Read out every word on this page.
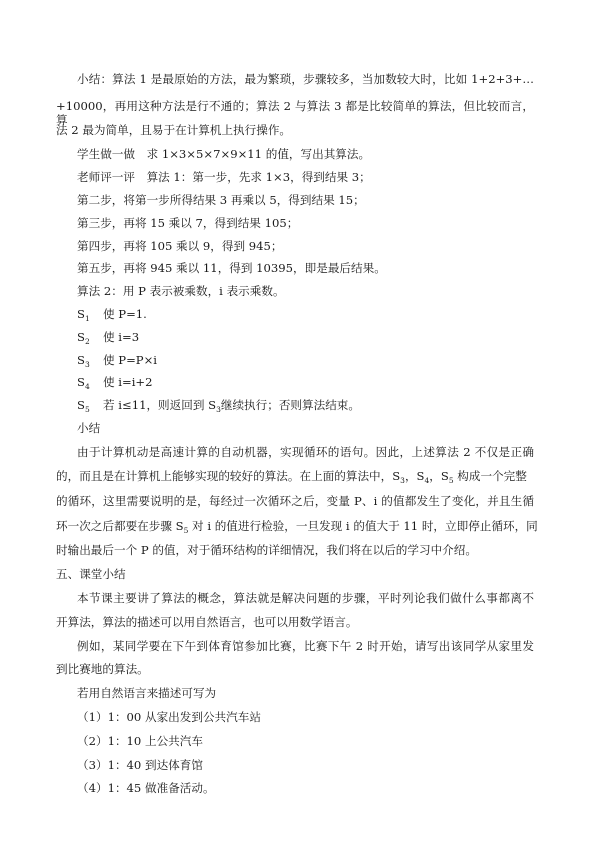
小结：算法 1 是最原始的方法，最为繁琐，步骤较多，当加数较大时，比如 1+2+3+…
+10000，再用这种方法是行不通的；算法 2 与算法 3 都是比较简单的算法，但比较而言，算
法 2 最为简单，且易于在计算机上执行操作。
学生做一做　求 1×3×5×7×9×11 的值，写出其算法。
老师评一评　算法 1：第一步，先求 1×3，得到结果 3；
第二步，将第一步所得结果 3 再乘以 5，得到结果 15；
第三步，再将 15 乘以 7，得到结果 105；
第四步，再将 105 乘以 9，得到 945；
第五步，再将 945 乘以 11，得到 10395，即是最后结果。
算法 2：用 P 表示被乘数，i 表示乘数。
$S_1$ 使 P=1.
$S_2$ 使 i=3
$S_3$ 使 P=P×i
$S_4$ 使 i=i+2
$S_5$ 若 i≤11，则返回到 $S_3$继续执行；否则算法结束。
小结
由于计算机动是高速计算的自动机器，实现循环的语句。因此，上述算法 2 不仅是正确
的，而且是在计算机上能够实现的较好的算法。在上面的算法中，$S_3$，$S_4$，$S_5$ 构成一个完整
的循环，这里需要说明的是，每经过一次循环之后，变量 P、i 的值都发生了变化，并且生循
环一次之后都要在步骤 $S_5$ 对 i 的值进行检验，一旦发现 i 的值大于 11 时，立即停止循环，同
时输出最后一个 P 的值，对于循环结构的详细情况，我们将在以后的学习中介绍。
五、课堂小结
本节课主要讲了算法的概念，算法就是解决问题的步骤，平时列论我们做什么事都离不
开算法，算法的描述可以用自然语言，也可以用数学语言。
例如，某同学要在下午到体育馆参加比赛，比赛下午 2 时开始，请写出该同学从家里发
到比赛地的算法。
若用自然语言来描述可写为
（1）1：00 从家出发到公共汽车站
（2）1：10 上公共汽车
（3）1：40 到达体育馆
（4）1：45 做准备活动。
